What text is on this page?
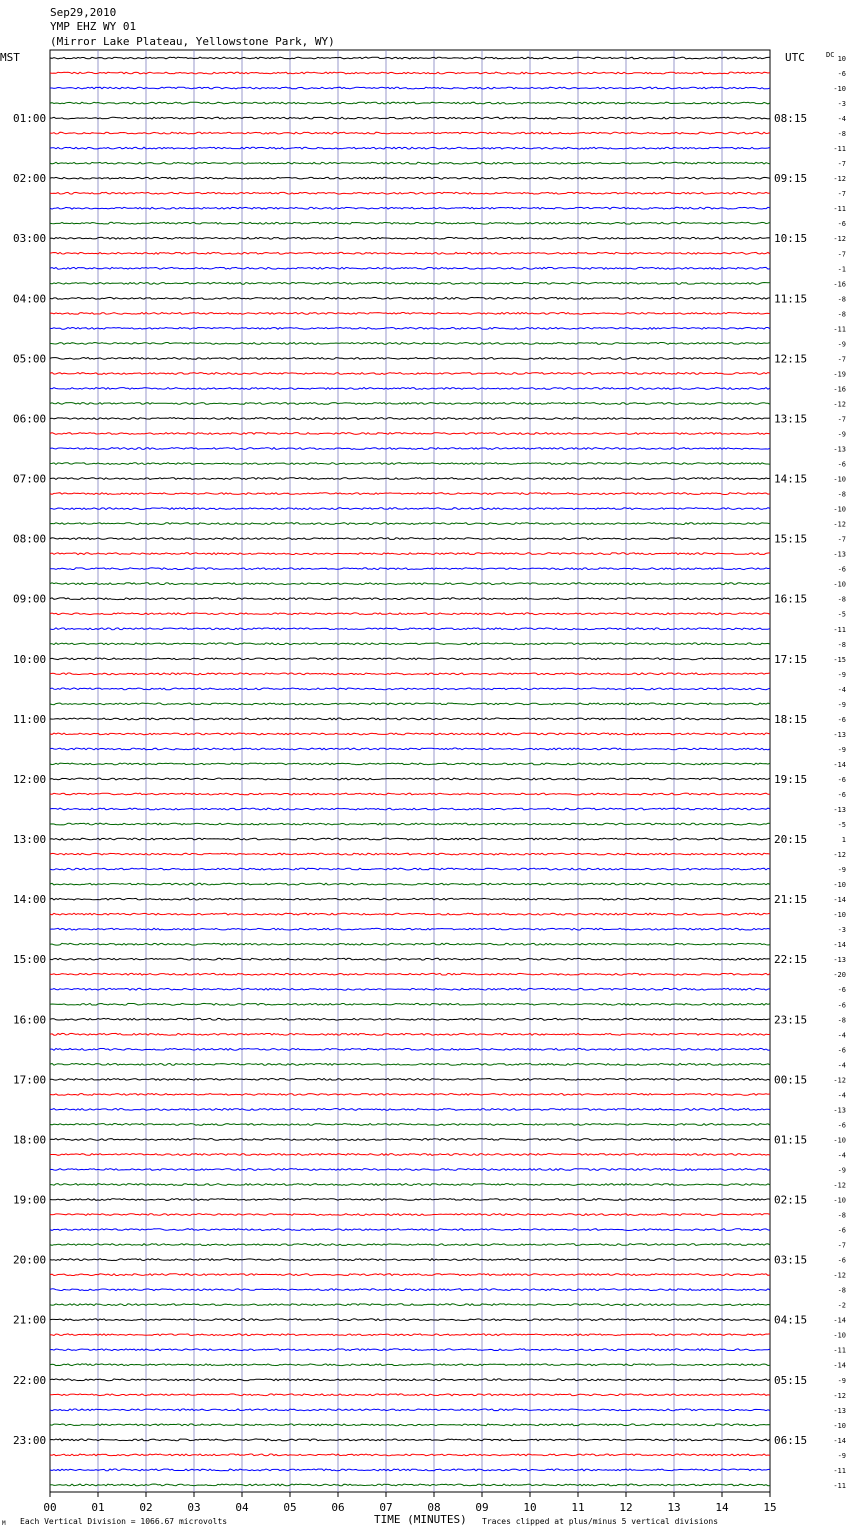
Sep29,2010
YMP EHZ WY 01
(Mirror Lake Plateau, Yellowstone Park, WY)
MST	UTC	DC
01:00
02:00
03:00
04:00
05:00
06:00
07:00
08:00
09:00
10:00
11:00
12:00
13:00
14:00
15:00
16:00
17:00
18:00
19:00
20:00
21:00
22:00
23:00
08:15
09:15
10:15
11:15
12:15
13:15
14:15
15:15
16:15
17:15
18:15
19:15
20:15
21:15
22:15
23:15
00:15
01:15
02:15
03:15
04:15
05:15
06:15
10
-6
-10
-3
-4
-8
-11
-7
-12
-7
-11
-6
-12
-7
-1
-16
-8
-8
-11
-9
-7
-19
-16
-12
-7
-9
-13
-6
-10
-8
-10
-12
-7
-13
-6
-10
-8
-5
-11
-8
-15
-9
-4
-9
-6
-13
-9
-14
-6
-6
-13
-5
1
-12
-9
-10
-14
-10
-3
-14
-13
-20
-6
-6
-8
-4
-6
-4
-12
-4
-13
-6
-10
-4
-9
-12
-10
-8
-6
-7
-6
-12
-8
-2
-14
-10
-11
-14
-9
-12
-13
-10
-14
-9
-11
-11
00	01	02	03	04	05	06	07	08	09	10	11	12	13	14	15
M Each Vertical Division = 1066.67 microvolts	TIME (MINUTES) Traces clipped at plus/minus 5 vertical divisions
